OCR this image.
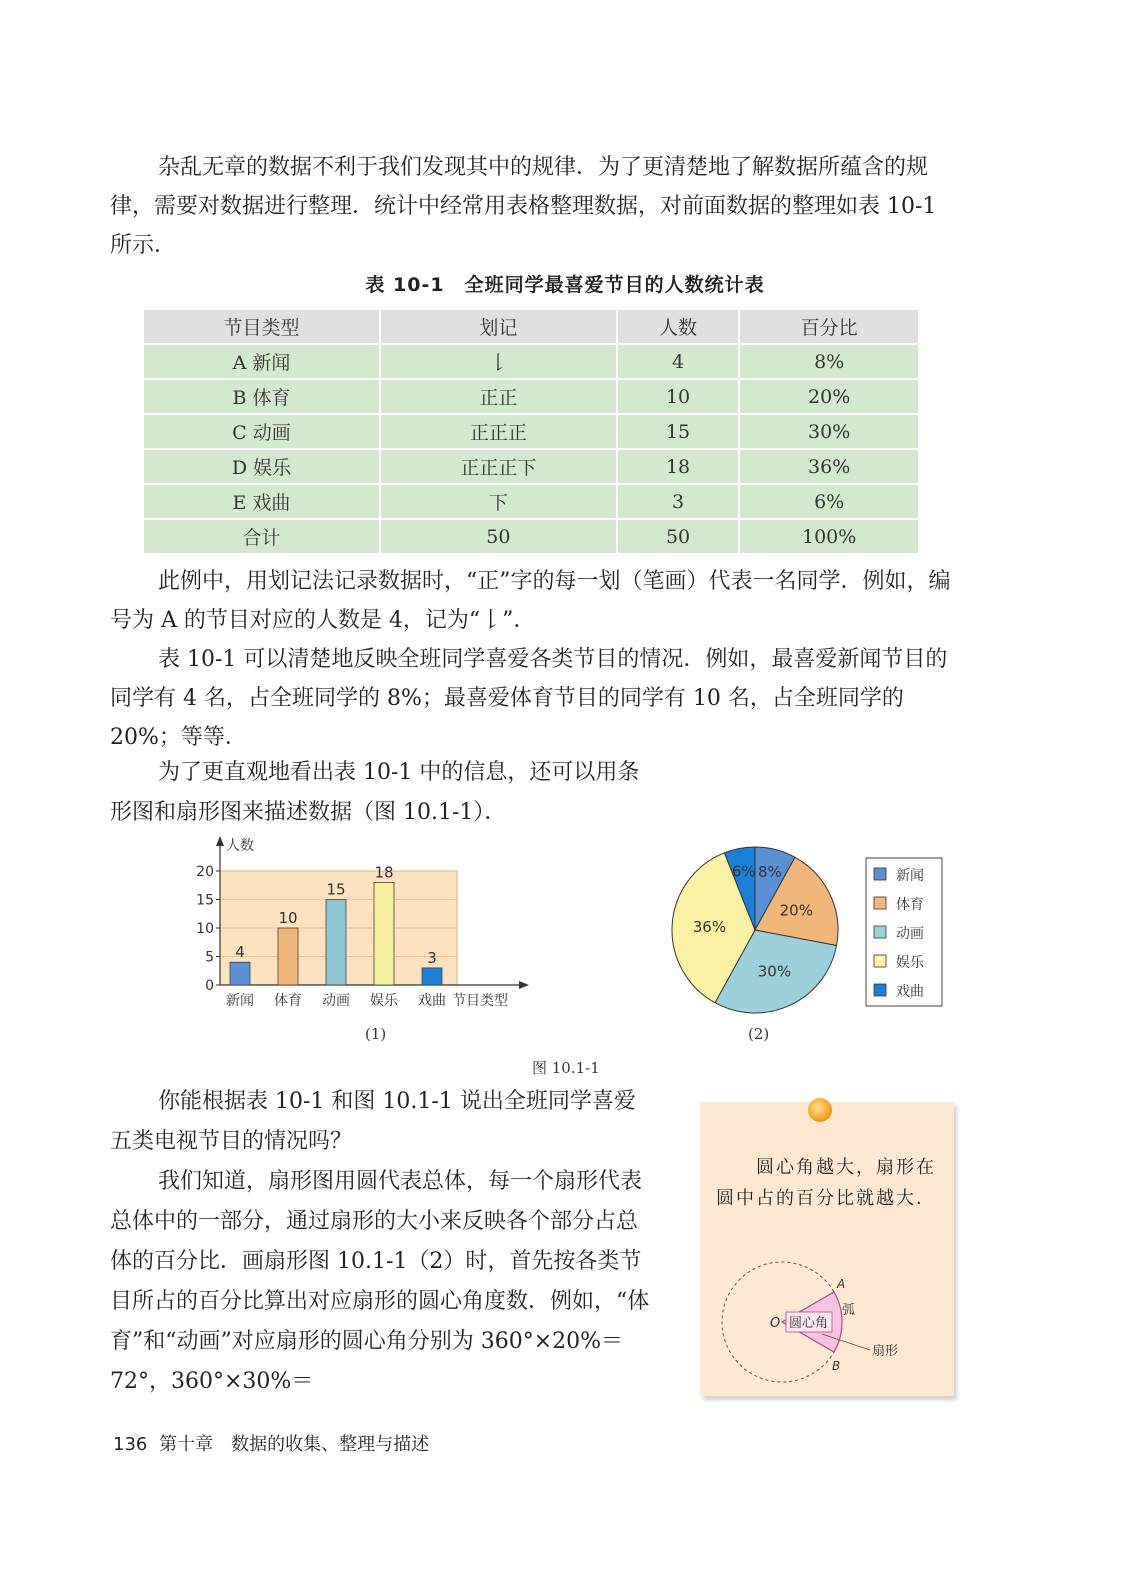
杂乱无章的数据不利于我们发现其中的规律．为了更清楚地了解数据所蕴含的规律，需要对数据进行整理．统计中经常用表格整理数据，对前面数据的整理如表 10-1 所示．

表 10-1　全班同学最喜爱节目的人数统计表
节目类型	划记	人数	百分比
A 新闻	𠄌	4	8%
B 体育	正正	10	20%
C 动画	正正正	15	30%
D 娱乐	正正正下	18	36%
E 戏曲	下	3	6%
合计	50	50	100%

此例中，用划记法记录数据时，“正”字的每一划（笔画）代表一名同学．例如，编号为 A 的节目对应的人数是 4，记为“𠄌”．

表 10-1 可以清楚地反映全班同学喜爱各类节目的情况．例如，最喜爱新闻节目的同学有 4 名，占全班同学的 8%；最喜爱体育节目的同学有 10 名，占全班同学的 20%；等等．

为了更直观地看出表 10-1 中的信息，还可以用条形图和扇形图来描述数据（图 10.1-1）．

0
5
10
15
20
人数
4
新闻
10
体育
15
动画
18
娱乐
3
戏曲 节目类型
8%
20%
30%
36%
6%	新闻
体育
动画
娱乐
戏曲
(1)	(2)
图 10.1-1

你能根据表 10-1 和图 10.1-1 说出全班同学喜爱五类电视节目的情况吗？

我们知道，扇形图用圆代表总体，每一个扇形代表总体中的一部分，通过扇形的大小来反映各个部分占总体的百分比．画扇形图 10.1-1（2）时，首先按各类节目所占的百分比算出对应扇形的圆心角度数．例如，“体育”和“动画”对应扇形的圆心角分别为 360°×20%＝72°，360°×30%＝

圆心角越大，扇形在圆中占的百分比就越大．

圆心角
O
A
B
弧
扇形
136 第十章　数据的收集、整理与描述
